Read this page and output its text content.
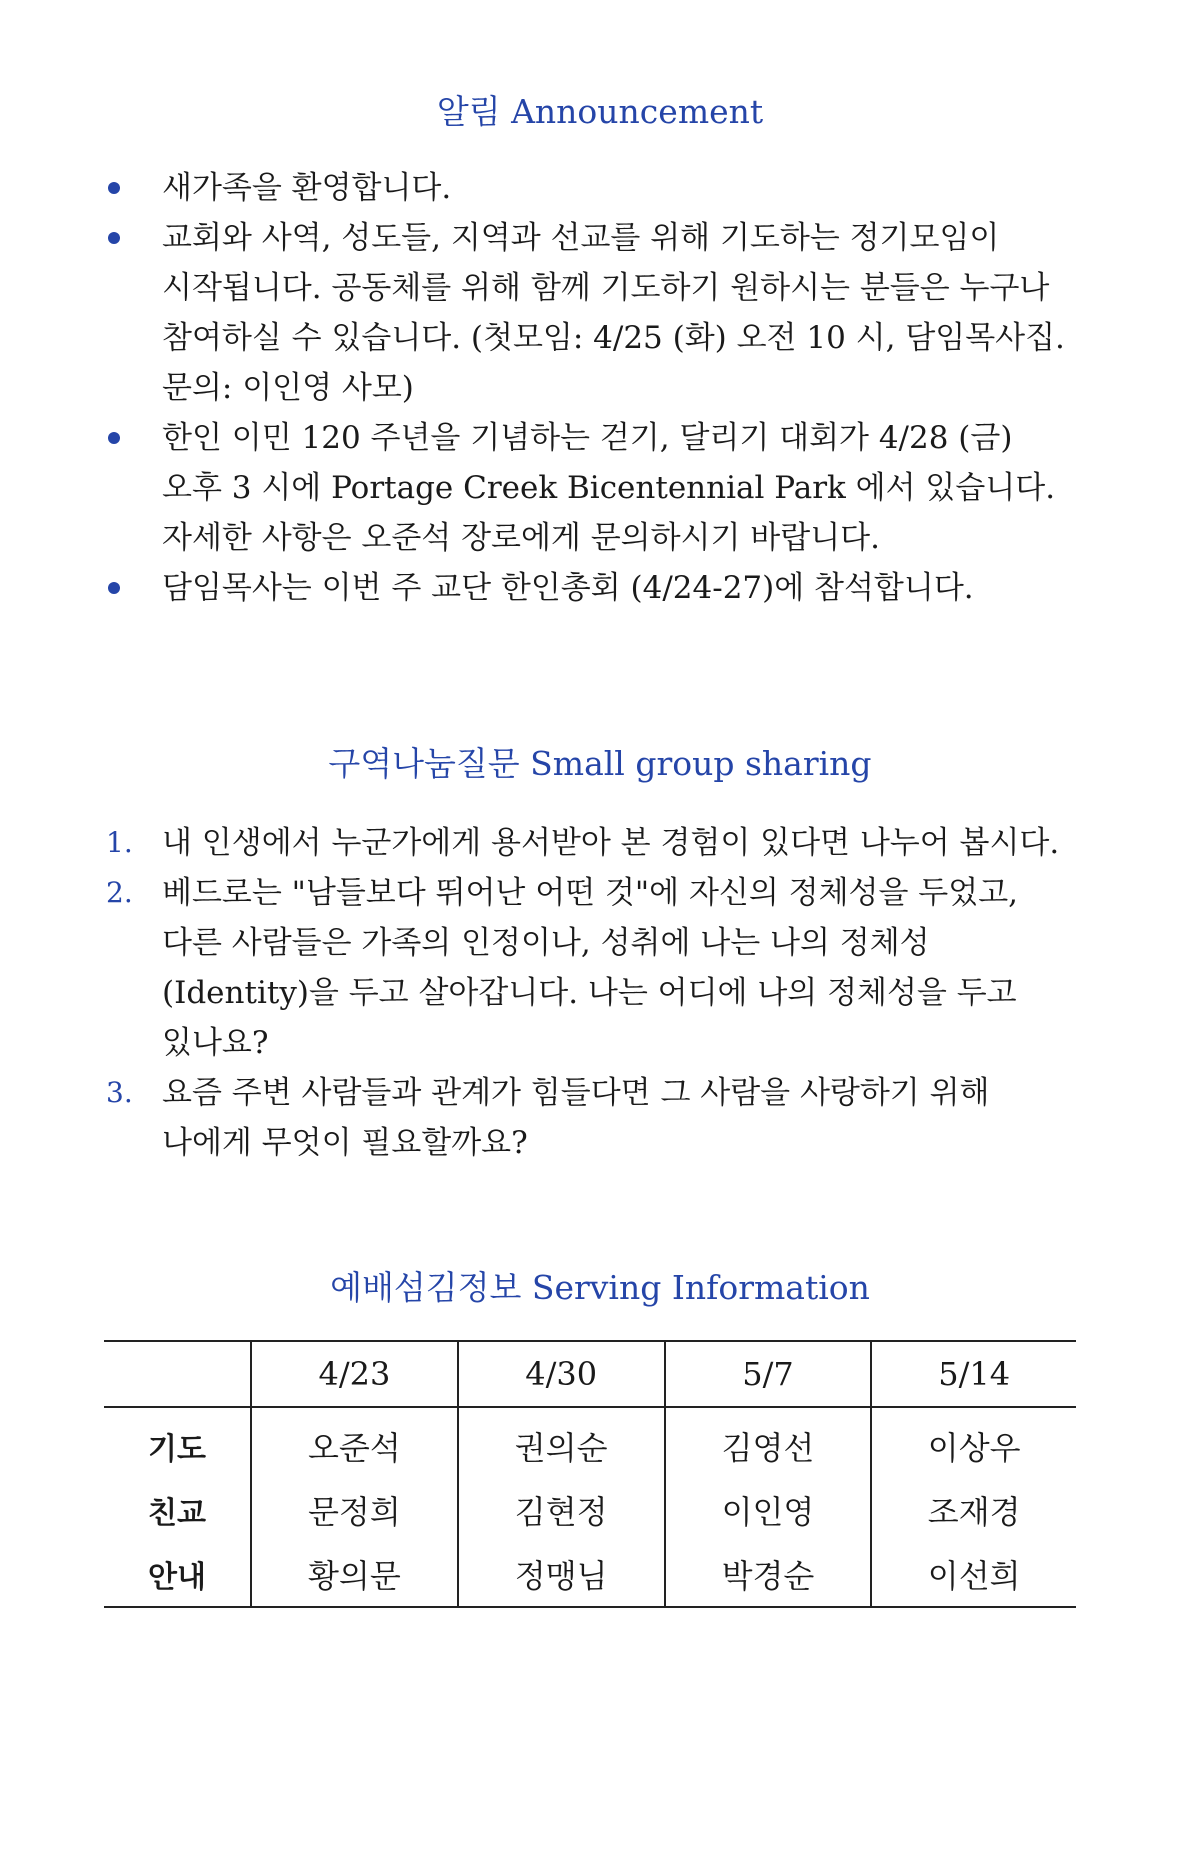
알림 Announcement
새가족을 환영합니다.
교회와 사역, 성도들, 지역과 선교를 위해 기도하는 정기모임이
시작됩니다. 공동체를 위해 함께 기도하기 원하시는 분들은 누구나
참여하실 수 있습니다. (첫모임: 4/25 (화) 오전 10 시, 담임목사집.
문의: 이인영 사모)
한인 이민 120 주년을 기념하는 걷기, 달리기 대회가 4/28 (금)
오후 3 시에 Portage Creek Bicentennial Park 에서 있습니다.
자세한 사항은 오준석 장로에게 문의하시기 바랍니다.
담임목사는 이번 주 교단 한인총회 (4/24-27)에 참석합니다.
구역나눔질문 Small group sharing
1. 내 인생에서 누군가에게 용서받아 본 경험이 있다면 나누어 봅시다.
2. 베드로는 "남들보다 뛰어난 어떤 것"에 자신의 정체성을 두었고,
다른 사람들은 가족의 인정이나, 성취에 나는 나의 정체성
(Identity)을 두고 살아갑니다. 나는 어디에 나의 정체성을 두고
있나요?
3. 요즘 주변 사람들과 관계가 힘들다면 그 사람을 사랑하기 위해
나에게 무엇이 필요할까요?
예배섬김정보 Serving Information
	4/23	4/30	5/7	5/14
기도	오준석	권의순	김영선	이상우
친교	문정희	김현정	이인영	조재경
안내	황의문	정맹님	박경순	이선희
